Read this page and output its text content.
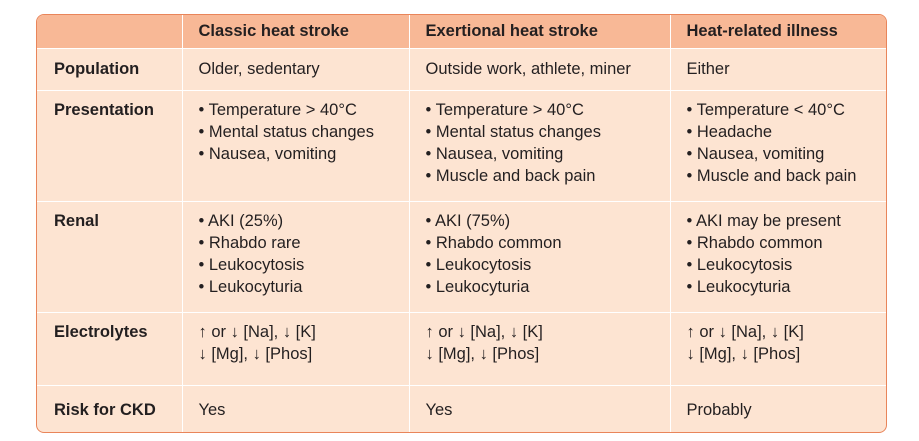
	Classic heat stroke	Exertional heat stroke	Heat-related illness
Population	Older, sedentary	Outside work, athlete, miner	Either

Presentation	• Temperature > 40°C
• Mental status changes
• Nausea, vomiting	• Temperature > 40°C
• Mental status changes
• Nausea, vomiting
• Muscle and back pain	• Temperature < 40°C
• Headache
• Nausea, vomiting
• Muscle and back pain

Renal	• AKI (25%)
• Rhabdo rare
• Leukocytosis
• Leukocyturia	• AKI (75%)
• Rhabdo common
• Leukocytosis
• Leukocyturia	• AKI may be present
• Rhabdo common
• Leukocytosis
• Leukocyturia

Electrolytes	↑ or ↓ [Na], ↓ [K]
↓ [Mg], ↓ [Phos]	↑ or ↓ [Na], ↓ [K]
↓ [Mg], ↓ [Phos]	↑ or ↓ [Na], ↓ [K]
↓ [Mg], ↓ [Phos]

Risk for CKD	Yes	Yes	Probably
